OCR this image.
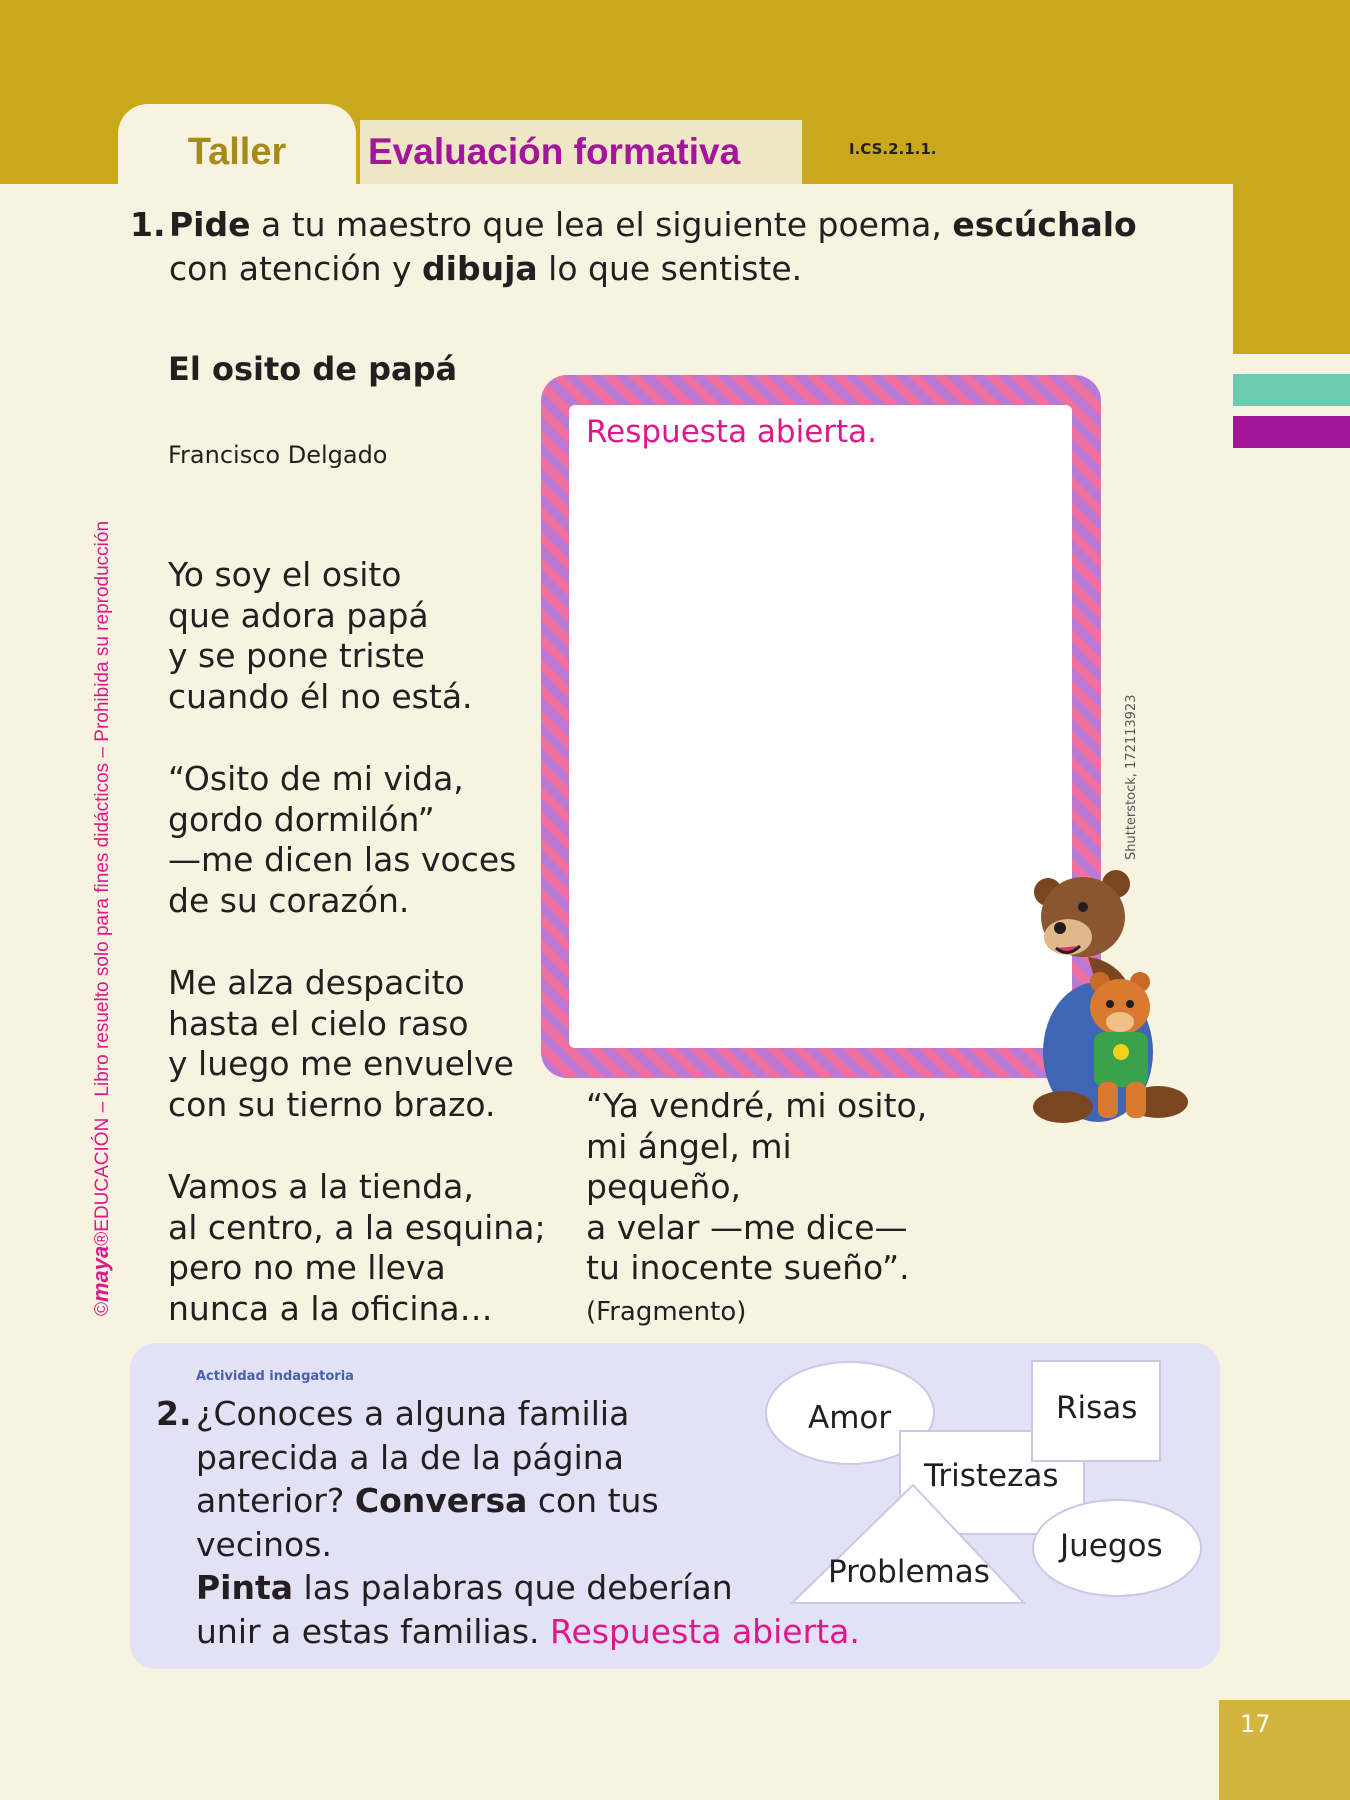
Taller	Evaluación formativa	I.CS.2.1.1.
1. Pide a tu maestro que lea el siguiente poema, escúchalo
con atención y dibuja lo que sentiste.
El osito de papá
Francisco Delgado
Yo soy el osito
que adora papá
y se pone triste
cuando él no está.
“Osito de mi vida,
gordo dormilón”
—me dicen las voces
de su corazón.
Me alza despacito
hasta el cielo raso
y luego me envuelve
con su tierno brazo.
Vamos a la tienda,
al centro, a la esquina;
pero no me lleva
nunca a la oficina…
Respuesta abierta.
“Ya vendré, mi osito,
mi ángel, mi
pequeño,
a velar —me dice—
tu inocente sueño”.
(Fragmento)
Shutterstock, 172113923
©maya®EDUCACIÓN – Libro resuelto solo para fines didácticos – Prohibida su reproducción
Actividad indagatoria
2. ¿Conoces a alguna familia
parecida a la de la página
anterior? Conversa con tus
vecinos.
Pinta las palabras que deberían
unir a estas familias. Respuesta abierta.
Amor	Risas
Tristezas
Juegos
Problemas
17
